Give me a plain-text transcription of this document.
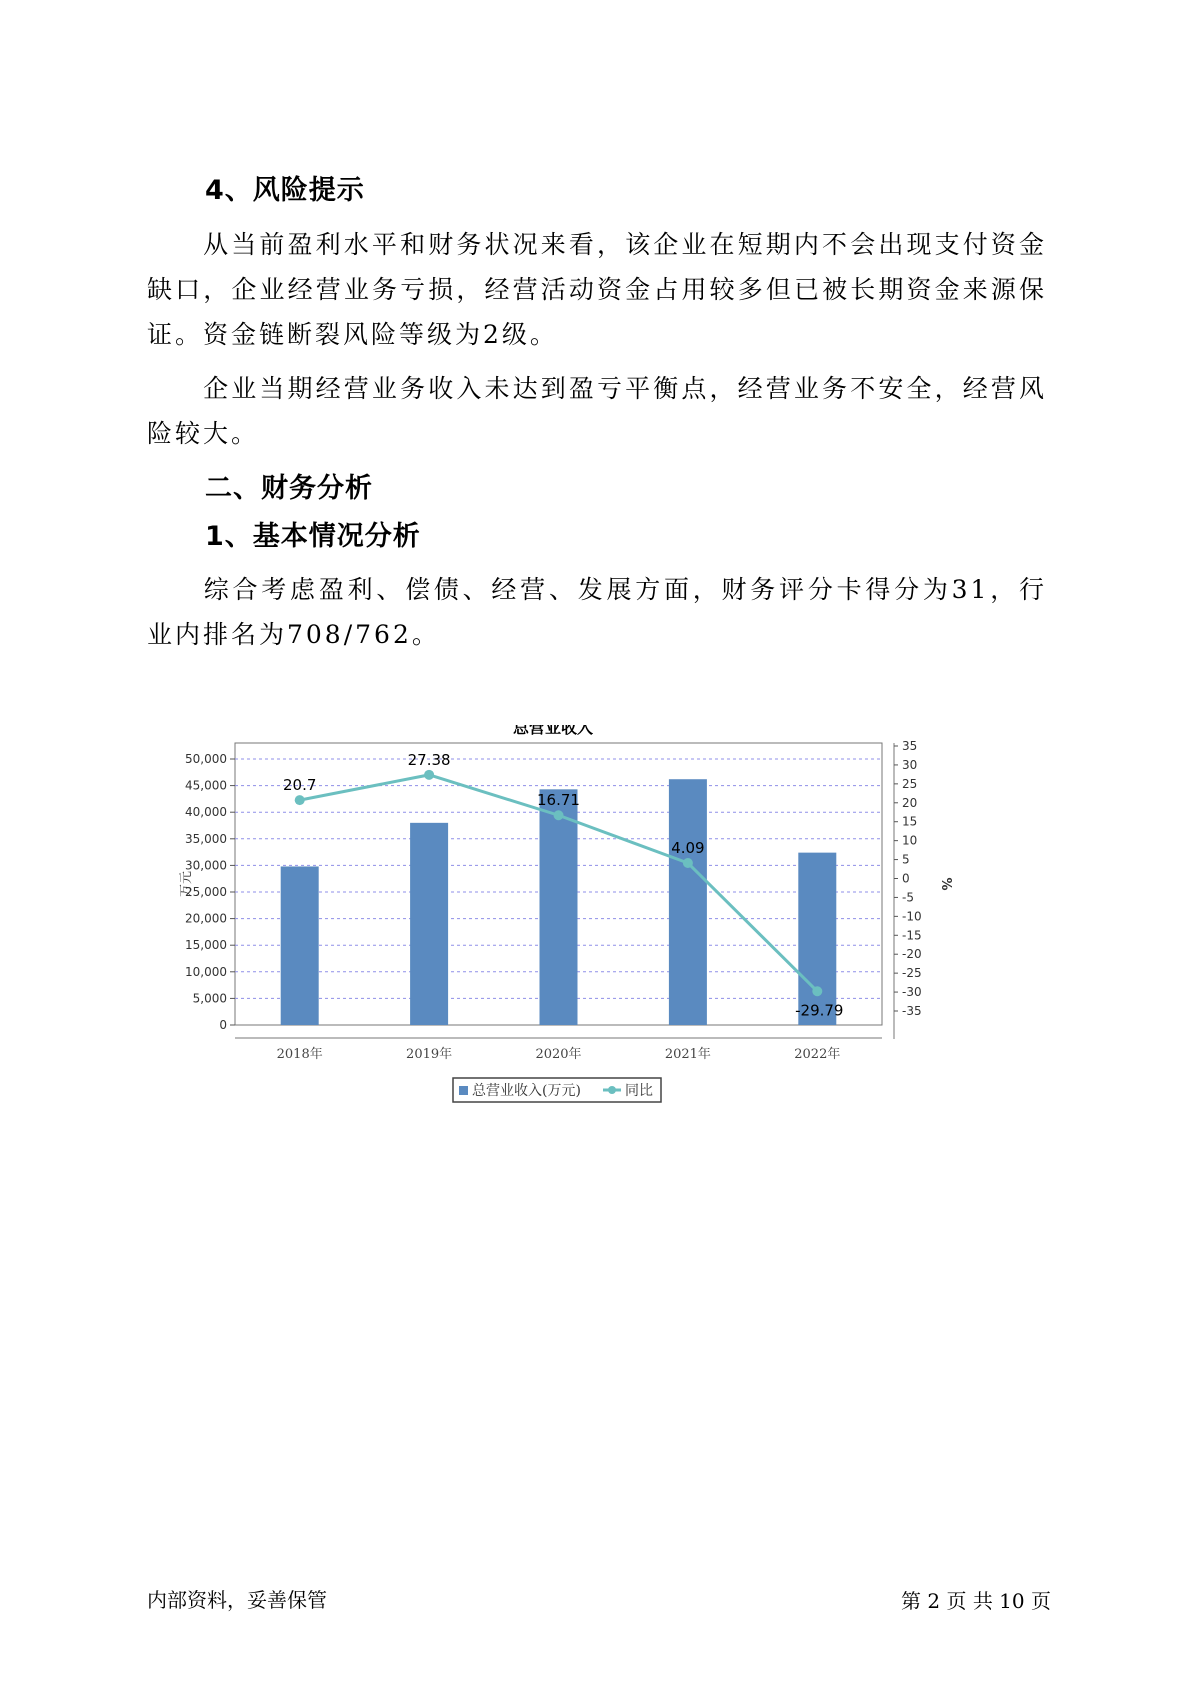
4、风险提示

从当前盈利水平和财务状况来看，该企业在短期内不会出现支付资金缺口，企业经营业务亏损，经营活动资金占用较多但已被长期资金来源保证。资金链断裂风险等级为2级。

企业当期经营业务收入未达到盈亏平衡点，经营业务不安全，经营风险较大。

二、财务分析
1、基本情况分析

综合考虑盈利、偿债、经营、发展方面，财务评分卡得分为31，行业内排名为708/762。

总营业收入
0
5,000
10,000
15,000
20,000
25,000
30,000
35,000
40,000
45,000
50,000
-35
-30
-25
-20
-15
-10
-5
0
5
10
15
20
25
30
35
万元	%
2018年	2019年	2020年	2021年	2022年
20.7
27.38
16.71
4.09
-29.79
总营业收入(万元)	同比
内部资料，妥善保管	第 2 页 共 10 页
